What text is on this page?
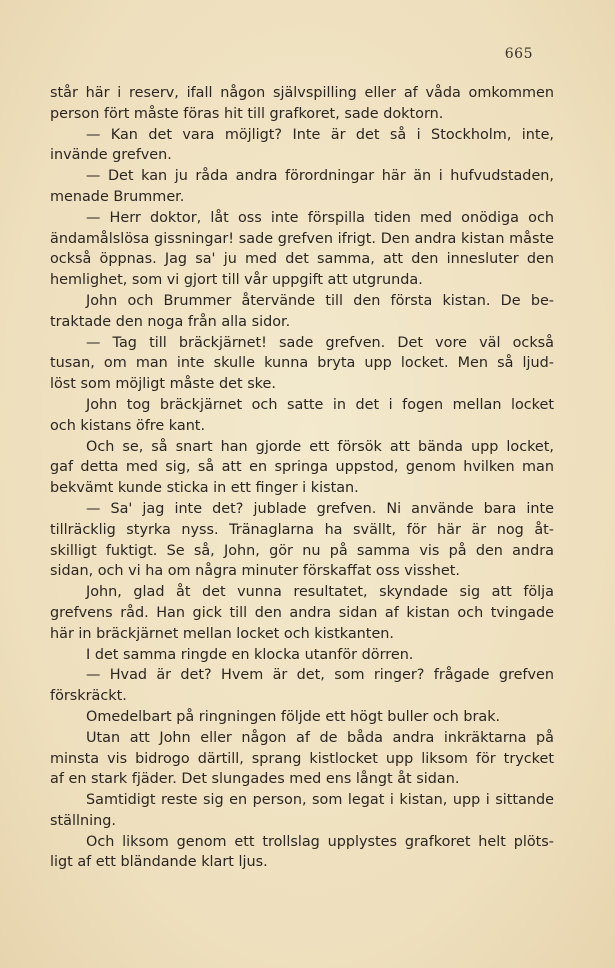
665
står här i reserv, ifall någon självspilling eller af våda omkommen
person fört måste föras hit till grafkoret, sade doktorn.
— Kan det vara möjligt? Inte är det så i Stockholm, inte,
invände grefven.
— Det kan ju råda andra förordningar här än i hufvudstaden,
menade Brummer.
— Herr doktor, låt oss inte förspilla tiden med onödiga och
ändamålslösa gissningar! sade grefven ifrigt. Den andra kistan måste
också öppnas. Jag sa' ju med det samma, att den innesluter den
hemlighet, som vi gjort till vår uppgift att utgrunda.
John och Brummer återvände till den första kistan. De be-
traktade den noga från alla sidor.
— Tag till bräckjärnet! sade grefven. Det vore väl också
tusan, om man inte skulle kunna bryta upp locket. Men så ljud-
löst som möjligt måste det ske.
John tog bräckjärnet och satte in det i fogen mellan locket
och kistans öfre kant.
Och se, så snart han gjorde ett försök att bända upp locket,
gaf detta med sig, så att en springa uppstod, genom hvilken man
bekvämt kunde sticka in ett finger i kistan.
— Sa' jag inte det? jublade grefven. Ni använde bara inte
tillräcklig styrka nyss. Tränaglarna ha svällt, för här är nog åt-
skilligt fuktigt. Se så, John, gör nu på samma vis på den andra
sidan, och vi ha om några minuter förskaffat oss visshet.
John, glad åt det vunna resultatet, skyndade sig att följa
grefvens råd. Han gick till den andra sidan af kistan och tvingade
här in bräckjärnet mellan locket och kistkanten.
I det samma ringde en klocka utanför dörren.
— Hvad är det? Hvem är det, som ringer? frågade grefven
förskräckt.
Omedelbart på ringningen följde ett högt buller och brak.
Utan att John eller någon af de båda andra inkräktarna på
minsta vis bidrogo därtill, sprang kistlocket upp liksom för trycket
af en stark fjäder. Det slungades med ens långt åt sidan.
Samtidigt reste sig en person, som legat i kistan, upp i sittande
ställning.
Och liksom genom ett trollslag upplystes grafkoret helt plöts-
ligt af ett bländande klart ljus.
